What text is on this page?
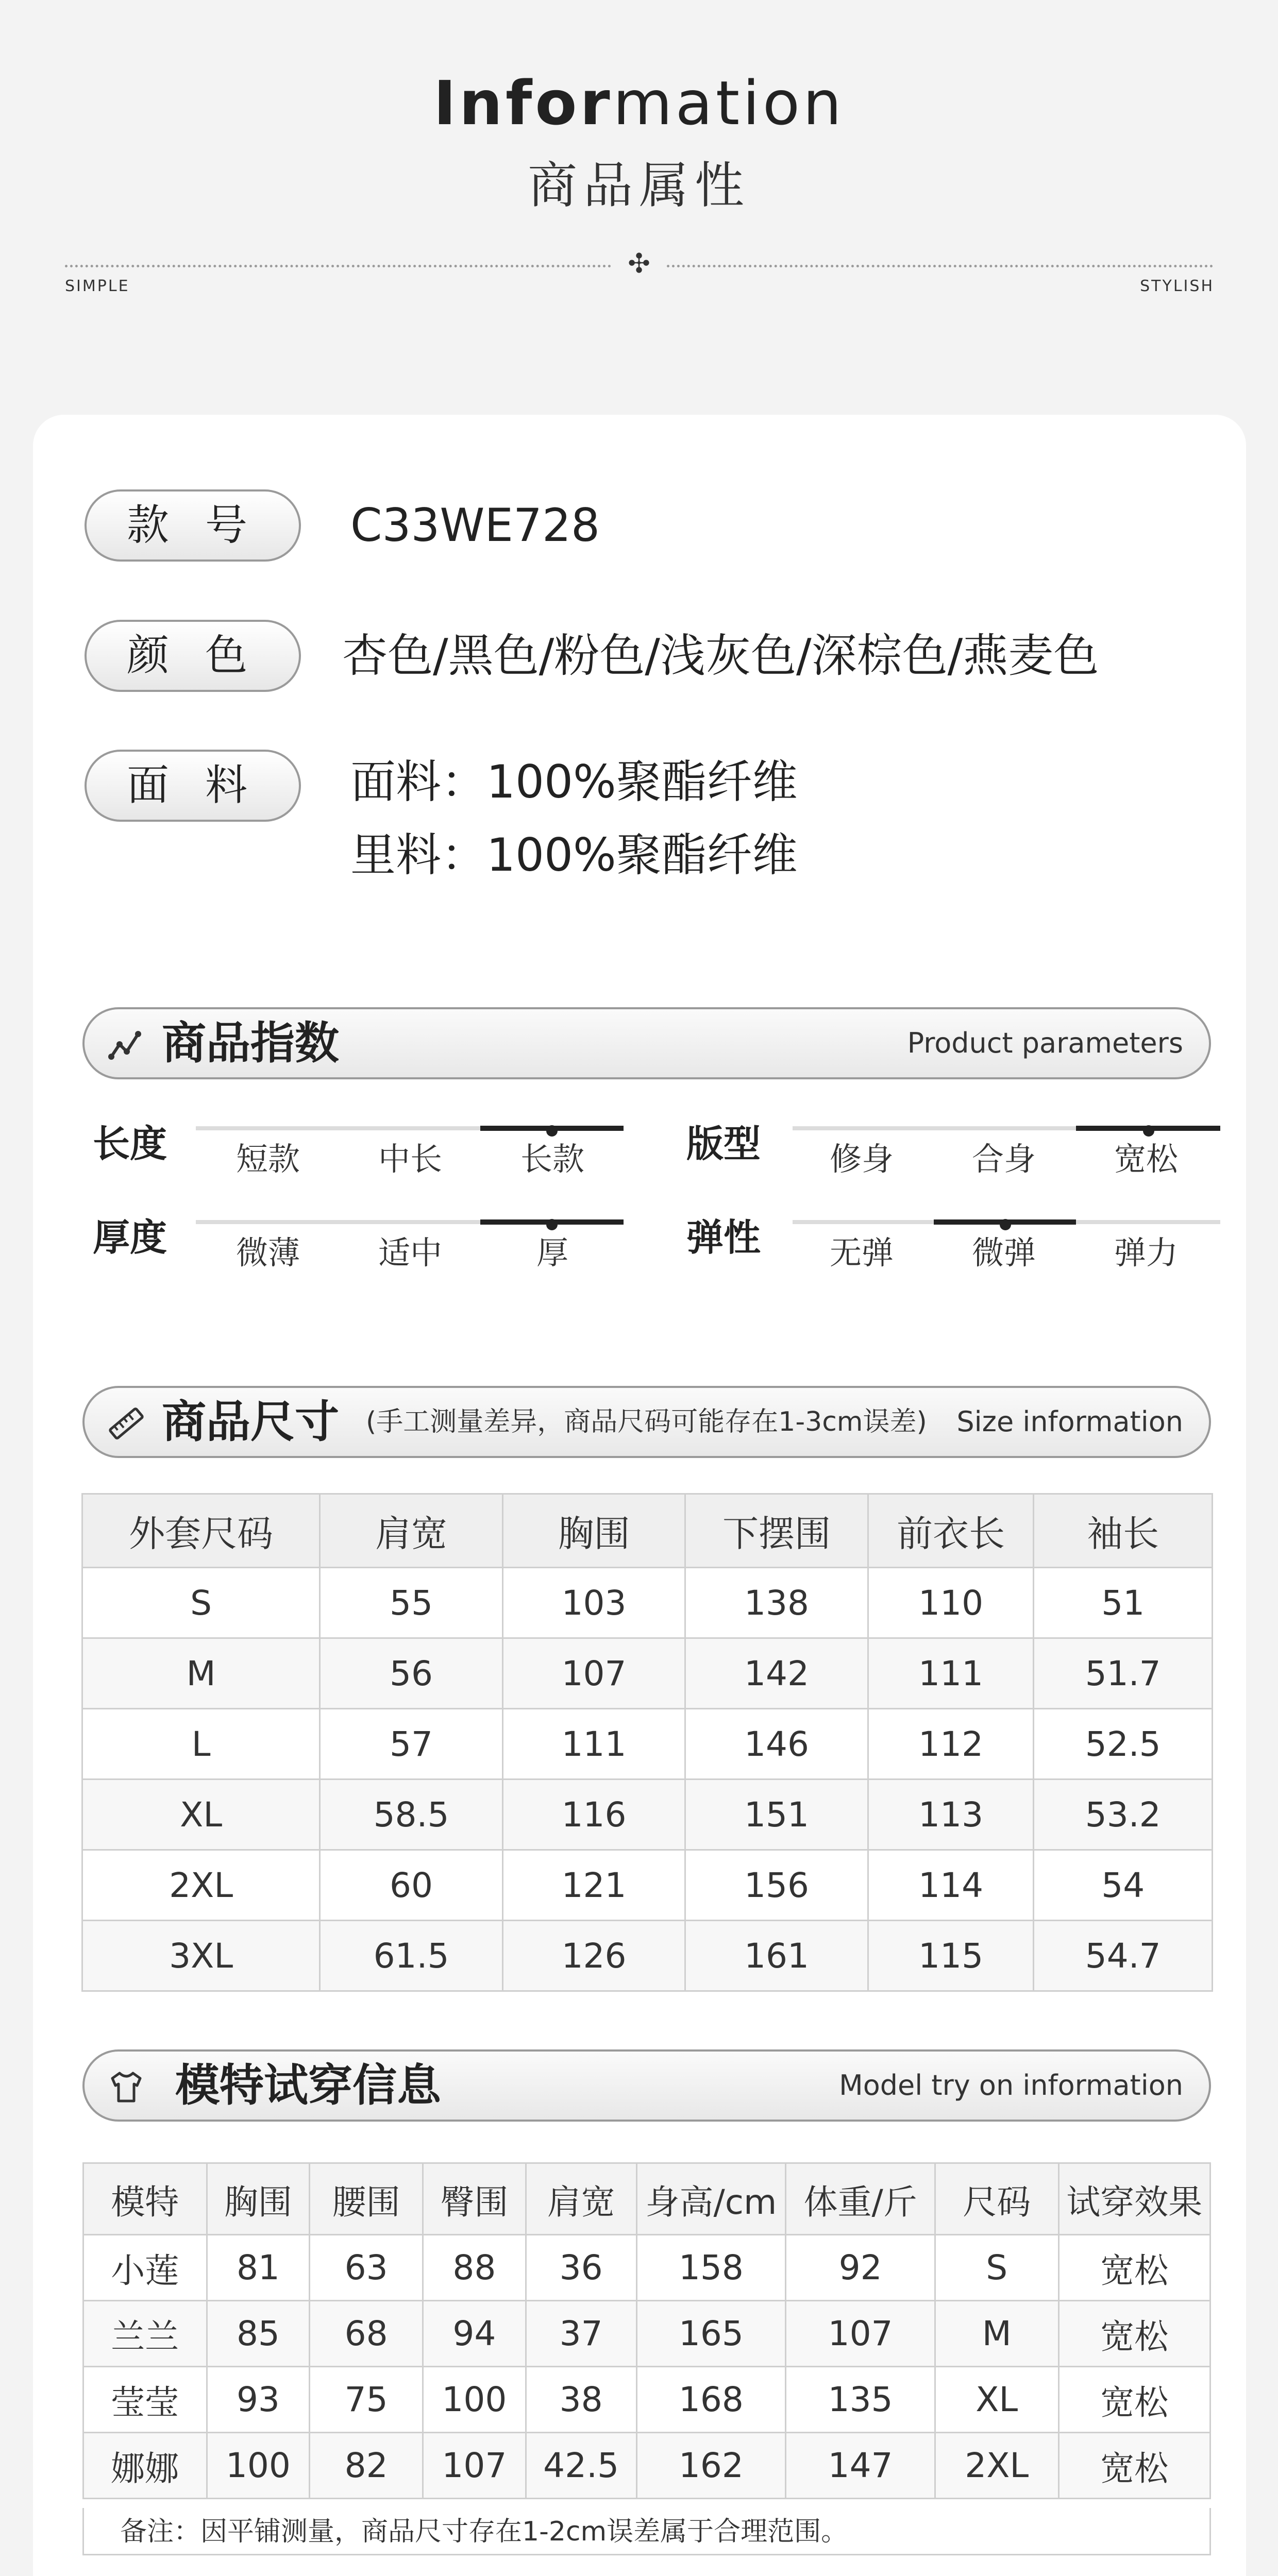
Information
商品属性
✣
SIMPLE	STYLISH
款 号	C33WE728
颜 色	杏色/黑色/粉色/浅灰色/深棕色/燕麦色
面 料	面料：100%聚酯纤维
里料：100%聚酯纤维
商品指数	Product parameters
长度	短款	中长	长款	版型	修身	合身	宽松
厚度	微薄	适中	厚	弹性	无弹	微弹	弹力
商品尺寸 (手工测量差异，商品尺码可能存在1-3cm误差) Size information
外套尺码	肩宽	胸围	下摆围	前衣长	袖长
S	55	103	138	110	51
M	56	107	142	111	51.7
L	57	111	146	112	52.5
XL	58.5	116	151	113	53.2
2XL	60	121	156	114	54
3XL	61.5	126	161	115	54.7
模特试穿信息	Model try on information
模特	胸围	腰围	臀围	肩宽	身高/cm	体重/斤	尺码	试穿效果
小莲	81	63	88	36	158	92	S	宽松
兰兰	85	68	94	37	165	107	M	宽松
莹莹	93	75	100	38	168	135	XL	宽松
娜娜	100	82	107	42.5	162	147	2XL	宽松
备注：因平铺测量，商品尺寸存在1-2cm误差属于合理范围。
